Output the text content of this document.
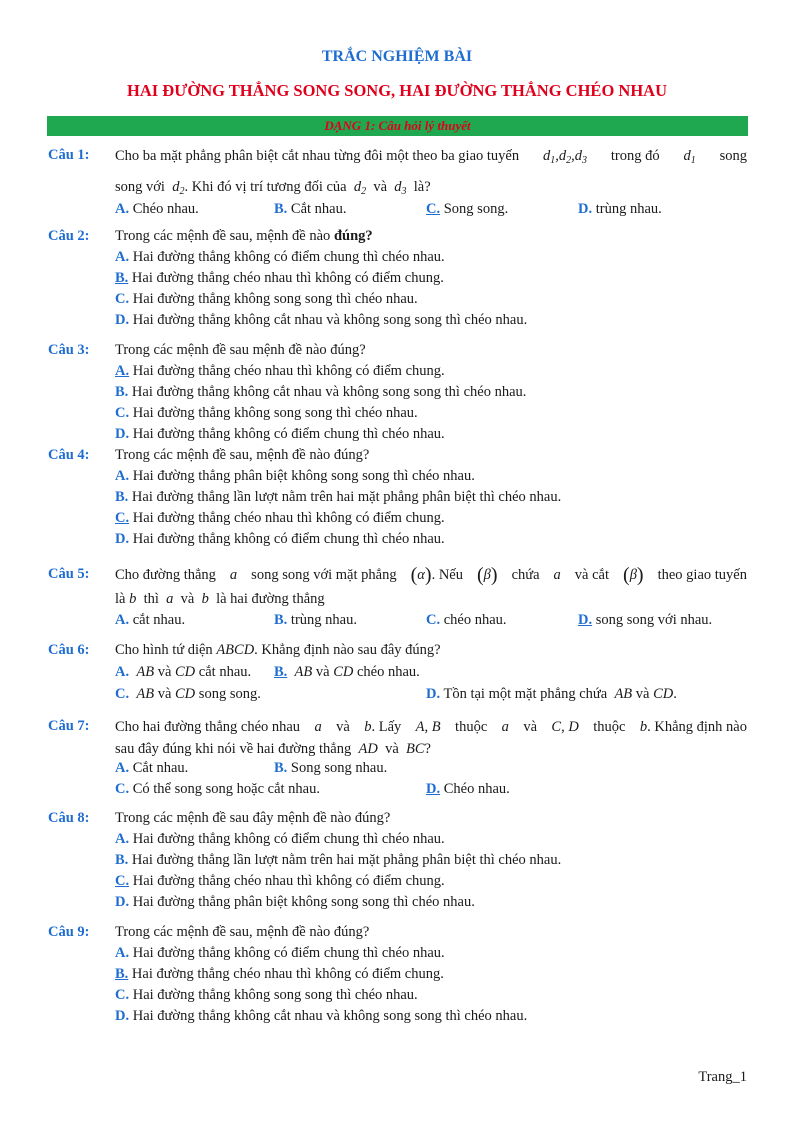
TRẮC NGHIỆM BÀI
HAI ĐƯỜNG THẲNG SONG SONG, HAI ĐƯỜNG THẲNG CHÉO NHAU
DẠNG 1: Câu hỏi lý thuyết
Câu 1: Cho ba mặt phẳng phân biệt cắt nhau từng đôi một theo ba giao tuyến $d_1,d_2,d_3$ trong đó $d_1$ song
song với $d_2$. Khi đó vị trí tương đối của $d_2$ và $d_3$ là?
A. Chéo nhau.	B. Cắt nhau.	C. Song song.	D. trùng nhau.
Câu 2: Trong các mệnh đề sau, mệnh đề nào đúng?
A. Hai đường thẳng không có điểm chung thì chéo nhau.
B. Hai đường thẳng chéo nhau thì không có điểm chung.
C. Hai đường thẳng không song song thì chéo nhau.
D. Hai đường thẳng không cắt nhau và không song song thì chéo nhau.
Câu 3: Trong các mệnh đề sau mệnh đề nào đúng?
A. Hai đường thẳng chéo nhau thì không có điểm chung.
B. Hai đường thẳng không cắt nhau và không song song thì chéo nhau.
C. Hai đường thẳng không song song thì chéo nhau.
D. Hai đường thẳng không có điểm chung thì chéo nhau.
Câu 4: Trong các mệnh đề sau, mệnh đề nào đúng?
A. Hai đường thẳng phân biệt không song song thì chéo nhau.
B. Hai đường thẳng lần lượt nằm trên hai mặt phẳng phân biệt thì chéo nhau.
C. Hai đường thẳng chéo nhau thì không có điểm chung.
D. Hai đường thẳng không có điểm chung thì chéo nhau.
Câu 5: Cho đường thẳng a song song với mặt phẳng (α). Nếu (β) chứa a và cắt (β) theo giao tuyến
là b thì a và b là hai đường thẳng
A. cắt nhau.	B. trùng nhau.	C. chéo nhau.	D. song song với nhau.
Câu 6: Cho hình tứ diện ABCD. Khẳng định nào sau đây đúng?
A. AB và CD cắt nhau. B. AB và CD chéo nhau.
C. AB và CD song song.	D. Tồn tại một mặt phẳng chứa AB và CD.
Câu 7: Cho hai đường thẳng chéo nhau a và b. Lấy A, B thuộc a và C, D thuộc b. Khẳng định nào
sau đây đúng khi nói về hai đường thẳng AD và BC?
A. Cắt nhau.	B. Song song nhau.
C. Có thể song song hoặc cắt nhau.	D. Chéo nhau.
Câu 8: Trong các mệnh đề sau đây mệnh đề nào đúng?
A. Hai đường thẳng không có điểm chung thì chéo nhau.
B. Hai đường thẳng lần lượt nằm trên hai mặt phẳng phân biệt thì chéo nhau.
C. Hai đường thẳng chéo nhau thì không có điểm chung.
D. Hai đường thẳng phân biệt không song song thì chéo nhau.
Câu 9: Trong các mệnh đề sau, mệnh đề nào đúng?
A. Hai đường thẳng không có điểm chung thì chéo nhau.
B. Hai đường thẳng chéo nhau thì không có điểm chung.
C. Hai đường thẳng không song song thì chéo nhau.
D. Hai đường thẳng không cắt nhau và không song song thì chéo nhau.
Trang_1
